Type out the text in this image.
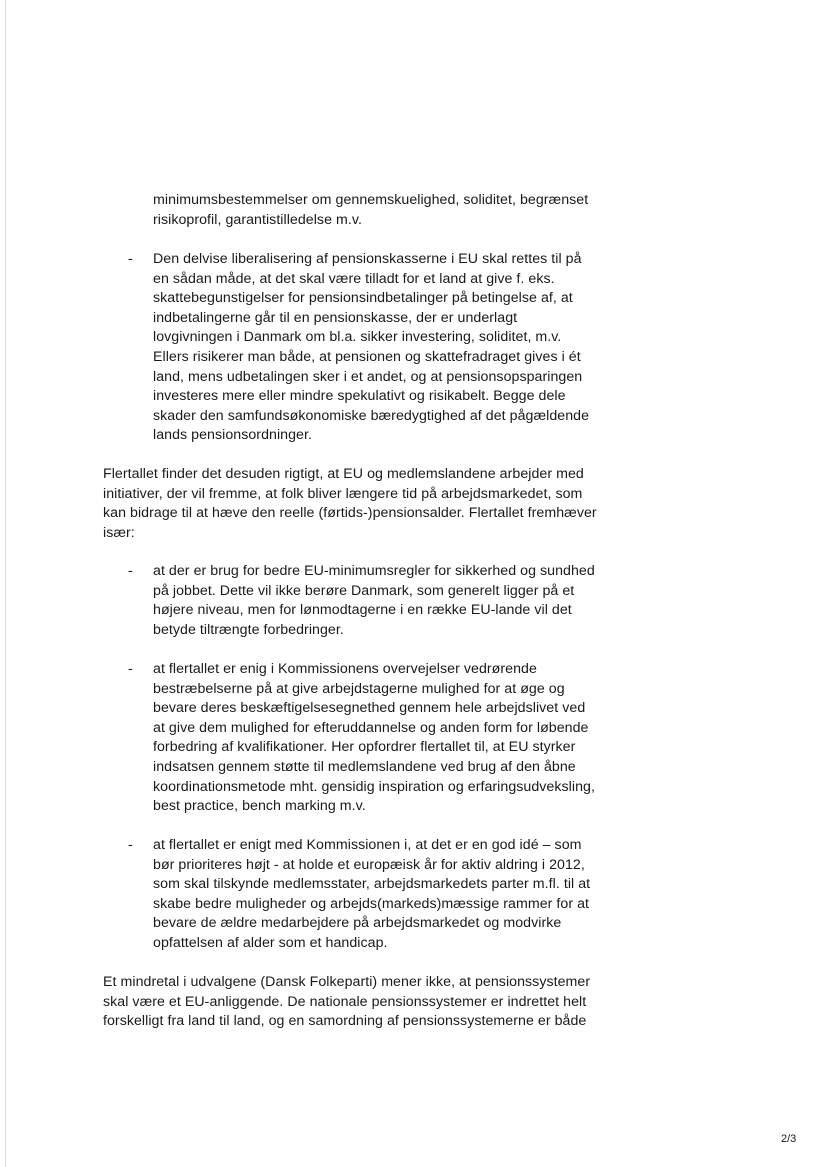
minimumsbestemmelser om gennemskuelighed, soliditet, begrænset
risikoprofil, garantistilledelse m.v.
- Den delvise liberalisering af pensionskasserne i EU skal rettes til på
en sådan måde, at det skal være tilladt for et land at give f. eks.
skattebegunstigelser for pensionsindbetalinger på betingelse af, at
indbetalingerne går til en pensionskasse, der er underlagt
lovgivningen i Danmark om bl.a. sikker investering, soliditet, m.v.
Ellers risikerer man både, at pensionen og skattefradraget gives i ét
land, mens udbetalingen sker i et andet, og at pensionsopsparingen
investeres mere eller mindre spekulativt og risikabelt. Begge dele
skader den samfundsøkonomiske bæredygtighed af det pågældende
lands pensionsordninger.
Flertallet finder det desuden rigtigt, at EU og medlemslandene arbejder med
initiativer, der vil fremme, at folk bliver længere tid på arbejdsmarkedet, som
kan bidrage til at hæve den reelle (førtids-)pensionsalder. Flertallet fremhæver
især:
- at der er brug for bedre EU-minimumsregler for sikkerhed og sundhed
på jobbet. Dette vil ikke berøre Danmark, som generelt ligger på et
højere niveau, men for lønmodtagerne i en række EU-lande vil det
betyde tiltrængte forbedringer.
- at flertallet er enig i Kommissionens overvejelser vedrørende
bestræbelserne på at give arbejdstagerne mulighed for at øge og
bevare deres beskæftigelsesegnethed gennem hele arbejdslivet ved
at give dem mulighed for efteruddannelse og anden form for løbende
forbedring af kvalifikationer. Her opfordrer flertallet til, at EU styrker
indsatsen gennem støtte til medlemslandene ved brug af den åbne
koordinationsmetode mht. gensidig inspiration og erfaringsudveksling,
best practice, bench marking m.v.
- at flertallet er enigt med Kommissionen i, at det er en god idé – som
bør prioriteres højt - at holde et europæisk år for aktiv aldring i 2012,
som skal tilskynde medlemsstater, arbejdsmarkedets parter m.fl. til at
skabe bedre muligheder og arbejds(markeds)mæssige rammer for at
bevare de ældre medarbejdere på arbejdsmarkedet og modvirke
opfattelsen af alder som et handicap.
Et mindretal i udvalgene (Dansk Folkeparti) mener ikke, at pensionssystemer
skal være et EU-anliggende. De nationale pensionssystemer er indrettet helt
forskelligt fra land til land, og en samordning af pensionssystemerne er både
2/3
